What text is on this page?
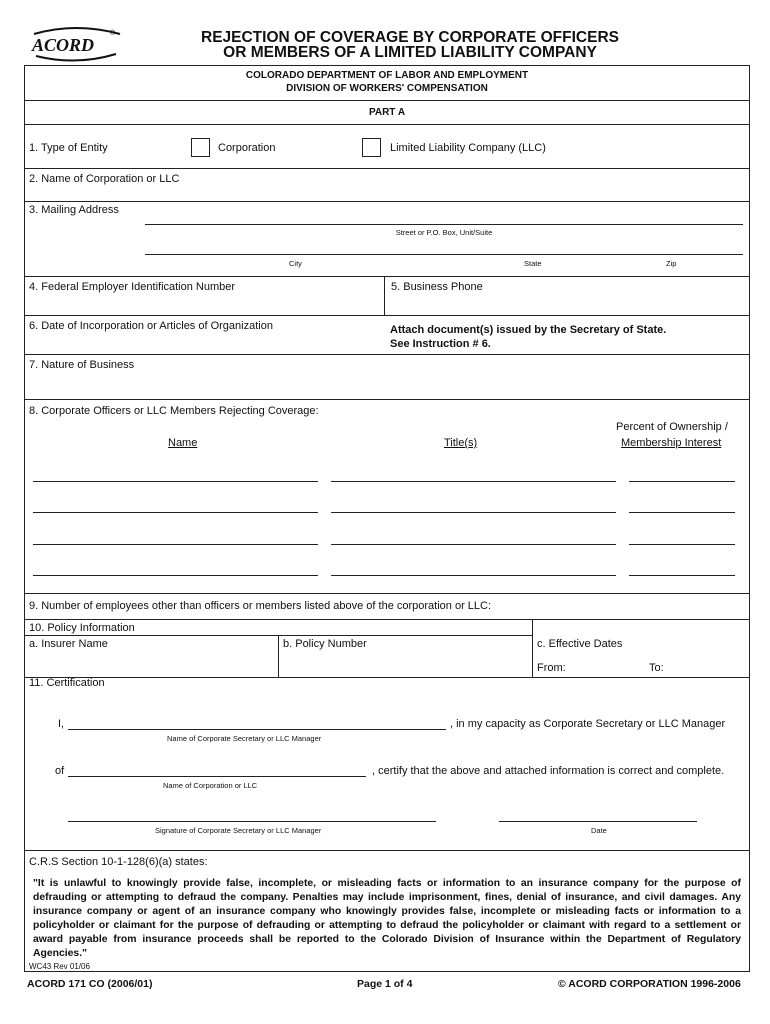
ACORD
®	REJECTION OF COVERAGE BY CORPORATE OFFICERS
OR MEMBERS OF A LIMITED LIABILITY COMPANY
COLORADO DEPARTMENT OF LABOR AND EMPLOYMENT
DIVISION OF WORKERS' COMPENSATION
PART A
1. Type of Entity	Corporation	Limited Liability Company (LLC)
2. Name of Corporation or LLC
3. Mailing Address
Street or P.O. Box, Unit/Suite
City	State	Zip
4. Federal Employer Identification Number	5. Business Phone
6. Date of Incorporation or Articles of Organization	Attach document(s) issued by the Secretary of State.
See Instruction # 6.
7. Nature of Business
8. Corporate Officers or LLC Members Rejecting Coverage:
Name	Title(s)
Percent of Ownership /
Membership Interest
9. Number of employees other than officers or members listed above of the corporation or LLC:
10. Policy Information
a. Insurer Name	b. Policy Number	c. Effective Dates
From:	To:
11. Certification
I,	, in my capacity as Corporate Secretary or LLC Manager
Name of Corporate Secretary or LLC Manager
of	, certify that the above and attached information is correct and complete.
Name of Corporation or LLC
Signature of Corporate Secretary or LLC Manager	Date
C.R.S Section 10-1-128(6)(a) states:
"It is unlawful to knowingly provide false, incomplete, or misleading facts or information to an insurance company for the purpose of defrauding or attempting to defraud the company. Penalties may include imprisonment, fines, denial of insurance, and civil damages. Any insurance company or agent of an insurance company who knowingly provides false, incomplete or misleading facts or information to a policyholder or claimant for the purpose of defrauding or attempting to defraud the policyholder or claimant with regard to a settlement or award payable from insurance proceeds shall be reported to the Colorado Division of Insurance within the Department of Regulatory Agencies."
WC43 Rev 01/06
ACORD 171 CO (2006/01)	Page 1 of 4	© ACORD CORPORATION 1996-2006
